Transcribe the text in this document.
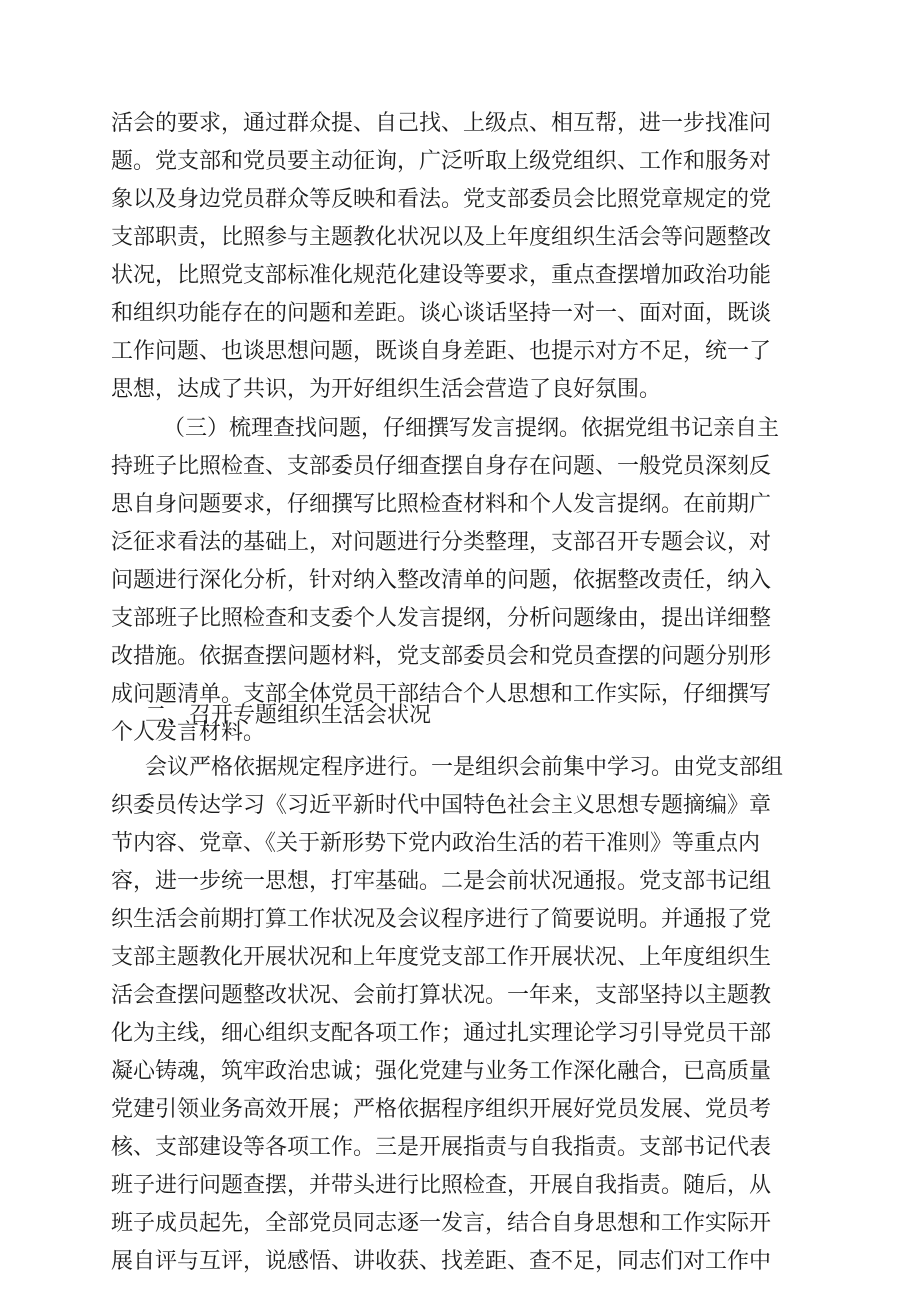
活会的要求，通过群众提、自己找、上级点、相互帮，进一步找准问
题。党支部和党员要主动征询，广泛听取上级党组织、工作和服务对
象以及身边党员群众等反映和看法。党支部委员会比照党章规定的党
支部职责，比照参与主题教化状况以及上年度组织生活会等问题整改
状况，比照党支部标准化规范化建设等要求，重点查摆增加政治功能
和组织功能存在的问题和差距。谈心谈话坚持一对一、面对面，既谈
工作问题、也谈思想问题，既谈自身差距、也提示对方不足，统一了
思想，达成了共识，为开好组织生活会营造了良好氛围。
（三）梳理查找问题，仔细撰写发言提纲。依据党组书记亲自主
持班子比照检查、支部委员仔细查摆自身存在问题、一般党员深刻反
思自身问题要求，仔细撰写比照检查材料和个人发言提纲。在前期广
泛征求看法的基础上，对问题进行分类整理，支部召开专题会议，对
问题进行深化分析，针对纳入整改清单的问题，依据整改责任，纳入
支部班子比照检查和支委个人发言提纲，分析问题缘由，提出详细整
改措施。依据查摆问题材料，党支部委员会和党员查摆的问题分别形
成问题清单。支部全体党员干部结合个人思想和工作实际，仔细撰写
个人发言材料。
二、召开专题组织生活会状况
会议严格依据规定程序进行。一是组织会前集中学习。由党支部组
织委员传达学习《习近平新时代中国特色社会主义思想专题摘编》章
节内容、党章、《关于新形势下党内政治生活的若干准则》等重点内
容，进一步统一思想，打牢基础。二是会前状况通报。党支部书记组
织生活会前期打算工作状况及会议程序进行了简要说明。并通报了党
支部主题教化开展状况和上年度党支部工作开展状况、上年度组织生
活会查摆问题整改状况、会前打算状况。一年来，支部坚持以主题教
化为主线，细心组织支配各项工作；通过扎实理论学习引导党员干部
凝心铸魂，筑牢政治忠诚；强化党建与业务工作深化融合，已高质量
党建引领业务高效开展；严格依据程序组织开展好党员发展、党员考
核、支部建设等各项工作。三是开展指责与自我指责。支部书记代表
班子进行问题查摆，并带头进行比照检查，开展自我指责。随后，从
班子成员起先，全部党员同志逐一发言，结合自身思想和工作实际开
展自评与互评，说感悟、讲收获、找差距、查不足，同志们对工作中
